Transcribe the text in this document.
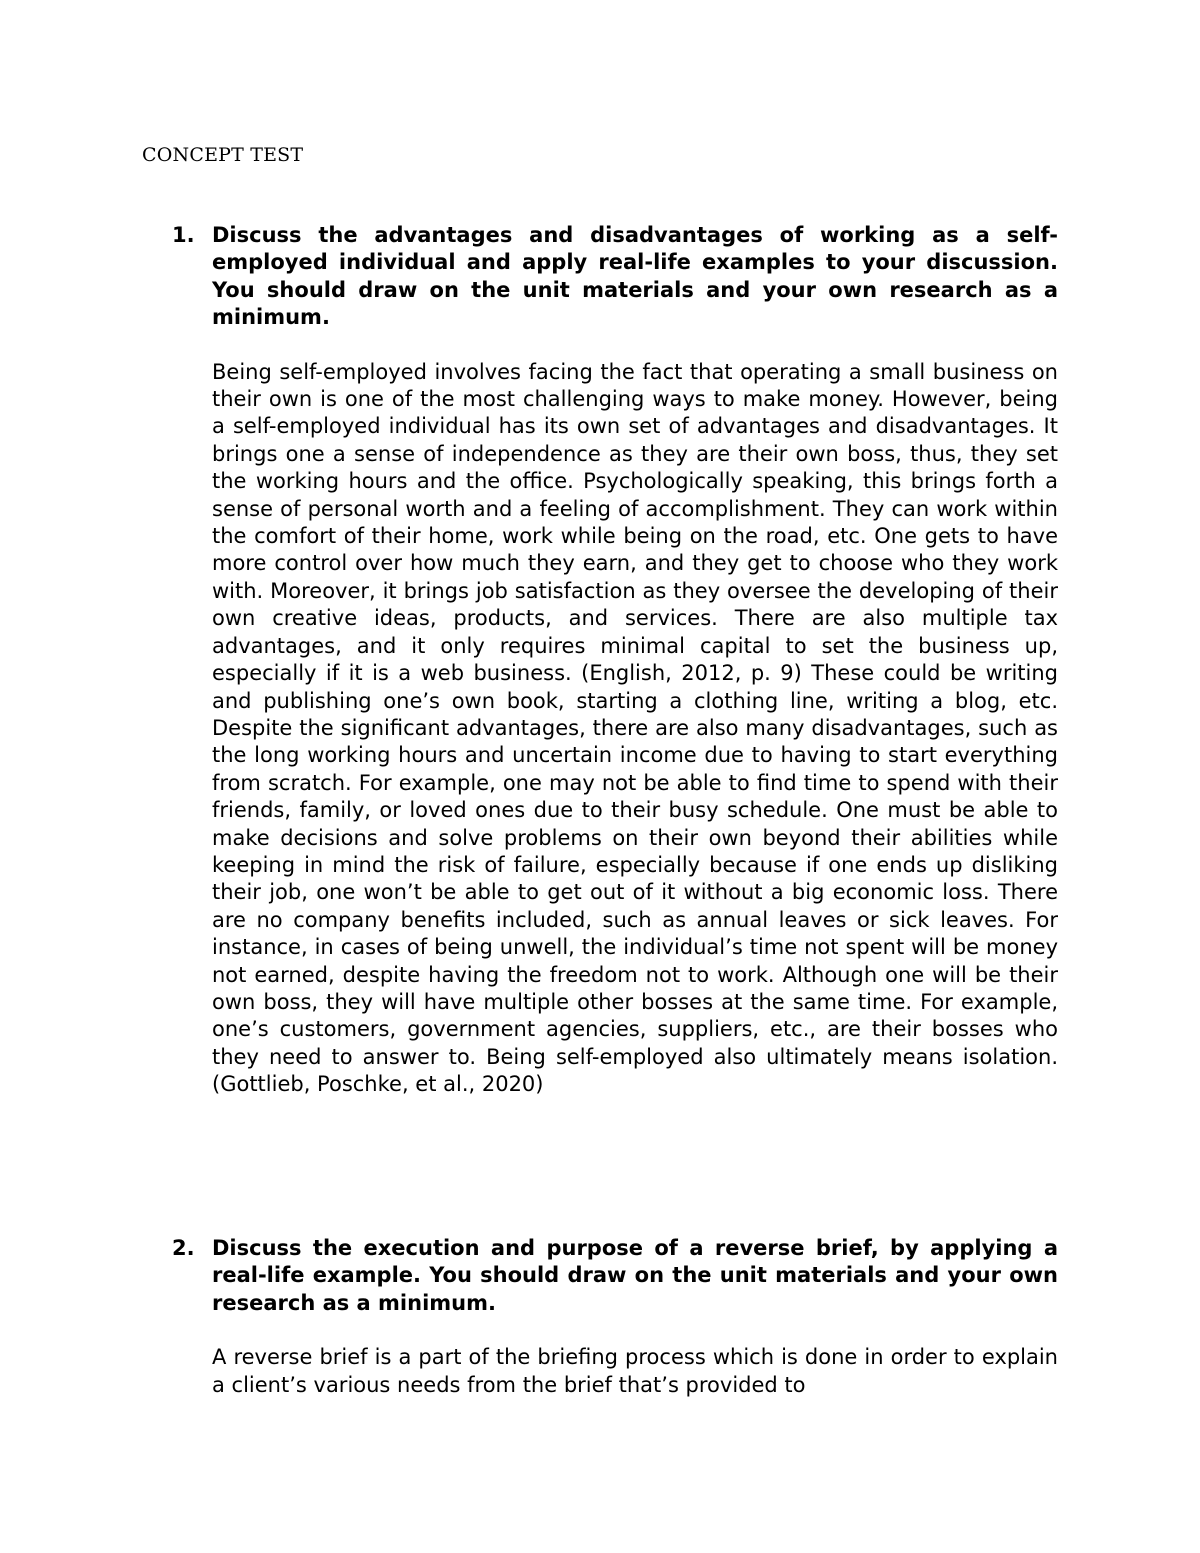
CONCEPT TEST
1. Discuss the advantages and disadvantages of working as a self-employed individual and apply real-life examples to your discussion. You should draw on the unit materials and your own research as a minimum.

Being self-employed involves facing the fact that operating a small business on their own is one of the most challenging ways to make money. However, being a self-employed individual has its own set of advantages and disadvantages. It brings one a sense of independence as they are their own boss, thus, they set the working hours and the office. Psychologically speaking, this brings forth a sense of personal worth and a feeling of accomplishment. They can work within the comfort of their home, work while being on the road, etc. One gets to have more control over how much they earn, and they get to choose who they work with. Moreover, it brings job satisfaction as they oversee the developing of their own creative ideas, products, and services. There are also multiple tax advantages, and it only requires minimal capital to set the business up, especially if it is a web business. (English, 2012, p. 9) These could be writing and publishing one’s own book, starting a clothing line, writing a blog, etc. Despite the significant advantages, there are also many disadvantages, such as the long working hours and uncertain income due to having to start everything from scratch. For example, one may not be able to find time to spend with their friends, family, or loved ones due to their busy schedule. One must be able to make decisions and solve problems on their own beyond their abilities while keeping in mind the risk of failure, especially because if one ends up disliking their job, one won’t be able to get out of it without a big economic loss. There are no company benefits included, such as annual leaves or sick leaves. For instance, in cases of being unwell, the individual’s time not spent will be money not earned, despite having the freedom not to work. Although one will be their own boss, they will have multiple other bosses at the same time. For example, one’s customers, government agencies, suppliers, etc., are their bosses who they need to answer to. Being self-employed also ultimately means isolation. (Gottlieb, Poschke, et al., 2020)

2. Discuss the execution and purpose of a reverse brief, by applying a real-life example. You should draw on the unit materials and your own research as a minimum.

A reverse brief is a part of the briefing process which is done in order to explain a client’s various needs from the brief that’s provided to
